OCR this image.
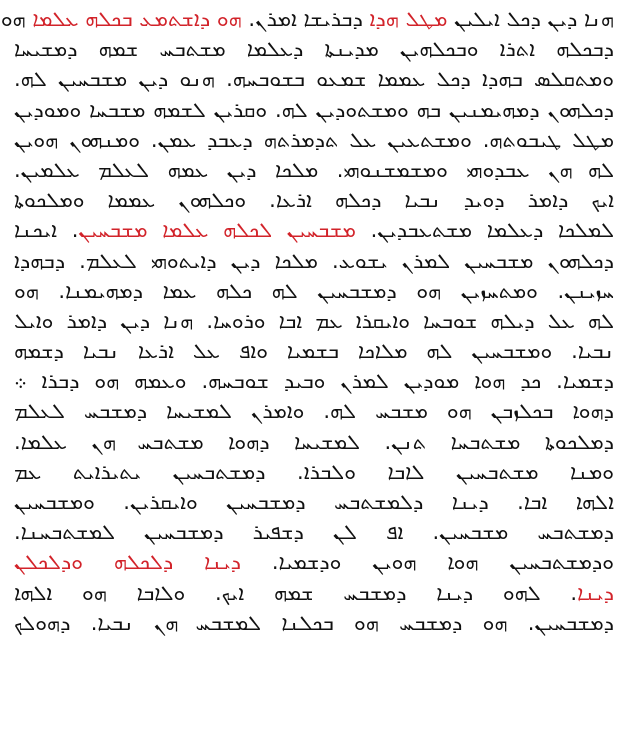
ܗܢܐ ܕܝܢ ܕܟܠ ܐܝܠܝܢ ܡܛܠ ܗܕܐ ܕܒܪܝܫܐ ܐܡܪܢ. ܗܘ ܕܐܫܬܡܥ ܒܟܠܗ ܥܠܡܐ ܗܘ
ܕܒܟܠܗ ܐܬܪܐ ܘܒܟܠܗܝܢ ܡܕܝܢܬܐ ܕܥܠܡܐ ܡܫܬܒܚ ܫܡܗ ܕܡܫܝܚܐ
ܘܡܬܩܠܣ ܒܗܕܐ ܕܟܠ ܥܡܡܐ ܫܡܥܘ ܒܫܘܒܚܗ. ܗܢܘ ܕܝܢ ܡܫܒܚܝܢ ܠܗ.
ܕܟܠܗܘܢ ܕܡܗܝܡܢܝܢ ܒܗ ܘܡܫܬܘܕܝܢ ܠܗ. ܘܩܪܝܢ ܠܫܡܗ ܡܫܒܚܐ ܘܡܘܕܝܢ
ܡܛܠ ܛܝܒܘܬܗ. ܘܡܫܬܥܝܢ ܥܠ ܬܕܡܪܬܗ ܕܥܒܕ ܥܡܢ. ܘܡܢܗܘܢ ܗܘܝܢ
ܠܗ ܗܢ ܥܒܕܘܗܝ ܘܡܫܡܫܢܘܗܝ. ܡܠܟܐ ܕܝܢ ܥܡܗ ܠܥܠܡ ܥܠܡܝܢ.
ܐܝܟ ܕܐܡܪ ܕܘܝܕ ܢܒܝܐ ܕܟܠܗ ܐܪܥܐ. ܘܟܠܗܘܢ ܥܡܡܐ ܘܡܠܟܘܬܐ
ܠܡܠܟܐ ܕܥܠܡܐ ܡܫܬܥܒܕܝܢ. ܡܫܒܚܝܢ ܠܟܠܗ ܥܠܡܐ ܡܫܒܚܝܢ. ܐܝܟܢܐ
ܕܟܠܗܘܢ ܡܫܒܚܝܢ ܠܡܪܢ ܝܫܘܥ. ܡܠܟܐ ܕܝܢ ܕܐܝܬܘܗܝ ܠܥܠܡ. ܕܒܗܕܐ
ܚܙܝܢܢ. ܘܡܬܚܙܝܢ ܗܘ ܕܡܫܒܚܝܢ ܠܗ ܟܠܗ ܥܡܐ ܕܡܗܝܡܢܐ. ܗܘ
ܠܗ ܥܠ ܕܝܠܗ ܫܘܒܚܐ ܘܐܝܩܪܐ ܥܡ ܐܒܐ ܘܪܘܚܐ. ܗܢܐ ܕܝܢ ܕܐܡܪ ܘܐܝܠ
ܢܒܝܐ. ܘܡܫܒܚܝܢ ܠܗ ܡܠܐܟܐ ܒܫܡܝܐ ܘܐܦ ܥܠ ܐܪܥܐ ܢܒܝܐ ܕܫܡܗ
ܕܫܡܝܐ. ܟܕ ܗܘܐ ܡܘܕܝܢ ܠܡܪܢ ܘܒܝܕ ܫܘܒܚܗ. ܘܥܡܗ ܗܘ ܕܒܪܐ ܀
ܕܗܘܐ ܒܟܠܙܒܢ ܗܘ ܡܫܒܚ ܠܗ. ܘܐܡܪܢ ܠܡܫܝܚܐ ܕܡܫܒܚ ܠܥܠܡ
ܕܡܠܟܘܬܐ ܡܫܬܒܚܐ ܬܢܢ. ܠܡܫܝܚܐ ܕܗܘܐ ܡܫܬܒܚ ܗܢ ܥܠܡܐ.
ܘܡܢܐ ܡܫܬܒܚܝܢ ܠܐܒܐ ܘܠܒܪܐ. ܕܡܫܬܒܚܝܢ ܝܬܝܪܐܝܬ ܥܡ
ܐܠܗܐ ܐܒܐ. ܕܝܢܐ ܕܠܡܫܬܒܚ ܕܡܫܒܚܝܢ ܘܐܝܩܪܝܢ. ܘܡܫܒܚܝܢ
ܕܡܫܬܒܚ ܡܫܒܚܝܢ. ܐܦ ܠܢ ܕܫܦܝܪ ܕܡܫܒܚܝܢ ܠܡܫܬܒܚܢܐ.
ܘܕܡܫܬܒܚܝܢ ܗܘܐ ܗܘܝܢ ܘܕܫܡܝܐ. ܕܝܢܐ ܕܠܟܠܗ ܘܕܠܟܠܢ
ܕܝܢܐ. ܠܗܘ ܕܝܢܐ ܕܡܫܒܚ ܫܡܗ ܐܝܟ. ܘܠܐܒܐ ܗܘ ܐܠܗܐ
ܕܡܫܒܚܝܢ. ܗܘ ܕܡܫܒܚ ܗܘ ܒܟܠܢܐ ܠܡܫܒܚ ܗܢ ܢܒܝܐ. ܕܗܘܠܟ
